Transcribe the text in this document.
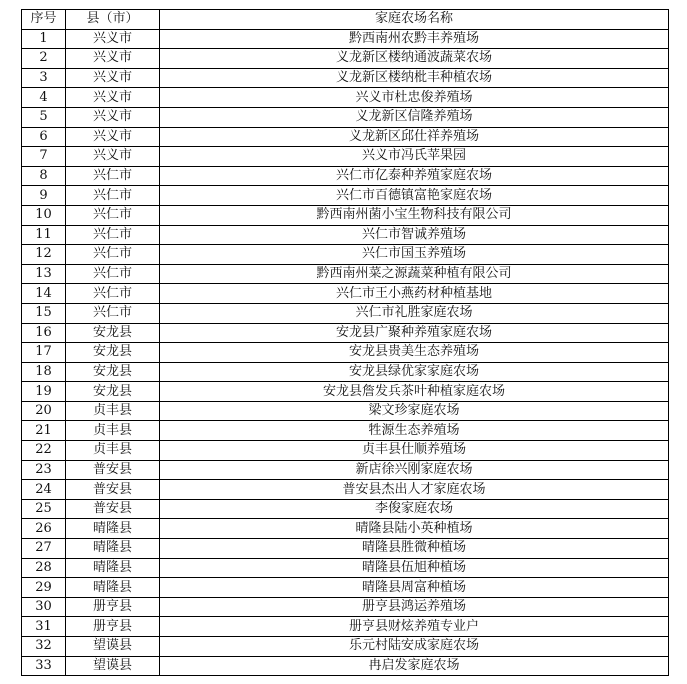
序号	县（市）	家庭农场名称
1	兴义市	黔西南州农黔丰养殖场
2	兴义市	义龙新区楼纳通波蔬菜农场
3	兴义市	义龙新区楼纳枇丰种植农场
4	兴义市	兴义市杜忠俊养殖场
5	兴义市	义龙新区信隆养殖场
6	兴义市	义龙新区邱仕祥养殖场
7	兴义市	兴义市冯氏苹果园
8	兴仁市	兴仁市亿泰种养殖家庭农场
9	兴仁市	兴仁市百德镇富艳家庭农场
10	兴仁市	黔西南州菌小宝生物科技有限公司
11	兴仁市	兴仁市智诚养殖场
12	兴仁市	兴仁市国玉养殖场
13	兴仁市	黔西南州菜之源蔬菜种植有限公司
14	兴仁市	兴仁市王小燕药材种植基地
15	兴仁市	兴仁市礼胜家庭农场
16	安龙县	安龙县广聚种养殖家庭农场
17	安龙县	安龙县贵美生态养殖场
18	安龙县	安龙县绿优家家庭农场
19	安龙县	安龙县詹发兵茶叶种植家庭农场
20	贞丰县	梁文珍家庭农场
21	贞丰县	牲源生态养殖场
22	贞丰县	贞丰县仕顺养殖场
23	普安县	新店徐兴刚家庭农场
24	普安县	普安县杰出人才家庭农场
25	普安县	李俊家庭农场
26	晴隆县	晴隆县陆小英种植场
27	晴隆县	晴隆县胜微种植场
28	晴隆县	晴隆县伍旭种植场
29	晴隆县	晴隆县周富种植场
30	册亨县	册亨县鸿运养殖场
31	册亨县	册亨县财炫养殖专业户
32	望谟县	乐元村陆安成家庭农场
33	望谟县	冉启发家庭农场
